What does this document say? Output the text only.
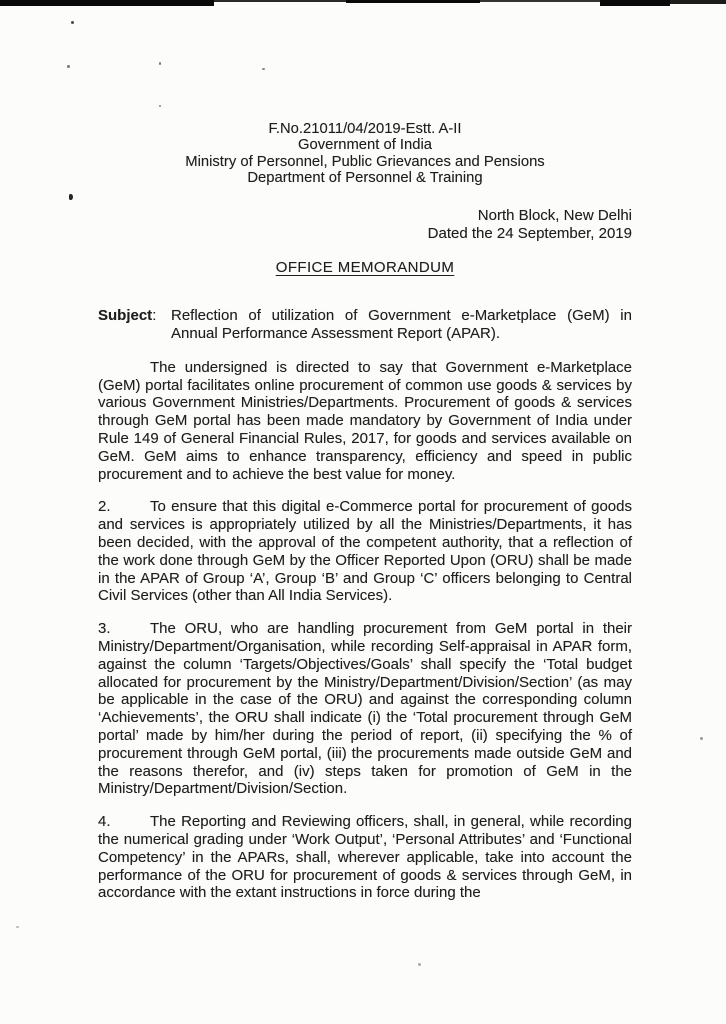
F.No.21011/04/2019-Estt. A-II
Government of India
Ministry of Personnel, Public Grievances and Pensions
Department of Personnel & Training
North Block, New Delhi
Dated the 24 September, 2019
OFFICE MEMORANDUM
Subject: Reflection of utilization of Government e-Marketplace (GeM) in Annual Performance Assessment Report (APAR).
The undersigned is directed to say that Government e-Marketplace (GeM) portal facilitates online procurement of common use goods & services by various Government Ministries/Departments. Procurement of goods & services through GeM portal has been made mandatory by Government of India under Rule 149 of General Financial Rules, 2017, for goods and services available on GeM. GeM aims to enhance transparency, efficiency and speed in public procurement and to achieve the best value for money.
2.	To ensure that this digital e-Commerce portal for procurement of goods and services is appropriately utilized by all the Ministries/Departments, it has been decided, with the approval of the competent authority, that a reflection of the work done through GeM by the Officer Reported Upon (ORU) shall be made in the APAR of Group ‘A’, Group ‘B’ and Group ‘C’ officers belonging to Central Civil Services (other than All India Services).
3.	The ORU, who are handling procurement from GeM portal in their Ministry/Department/Organisation, while recording Self-appraisal in APAR form, against the column ‘Targets/Objectives/Goals’ shall specify the ‘Total budget allocated for procurement by the Ministry/Department/Division/Section’ (as may be applicable in the case of the ORU) and against the corresponding column ‘Achievements’, the ORU shall indicate (i) the ‘Total procurement through GeM portal’ made by him/her during the period of report, (ii) specifying the % of procurement through GeM portal, (iii) the procurements made outside GeM and the reasons therefor, and (iv) steps taken for promotion of GeM in the Ministry/Department/Division/Section.
4.	The Reporting and Reviewing officers, shall, in general, while recording the numerical grading under ‘Work Output’, ‘Personal Attributes’ and ‘Functional Competency’ in the APARs, shall, wherever applicable, take into account the performance of the ORU for procurement of goods & services through GeM, in accordance with the extant instructions in force during the
